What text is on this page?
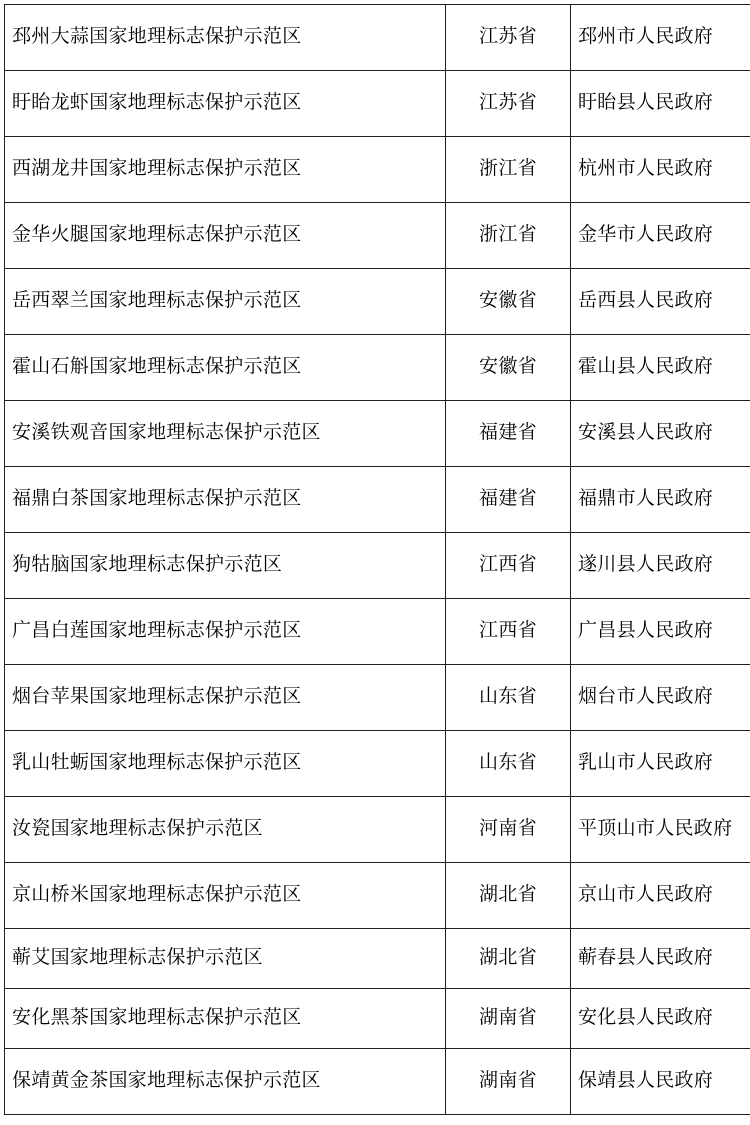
邳州大蒜国家地理标志保护示范区	江苏省	邳州市人民政府
盱眙龙虾国家地理标志保护示范区	江苏省	盱眙县人民政府
西湖龙井国家地理标志保护示范区	浙江省	杭州市人民政府
金华火腿国家地理标志保护示范区	浙江省	金华市人民政府
岳西翠兰国家地理标志保护示范区	安徽省	岳西县人民政府
霍山石斛国家地理标志保护示范区	安徽省	霍山县人民政府
安溪铁观音国家地理标志保护示范区	福建省	安溪县人民政府
福鼎白茶国家地理标志保护示范区	福建省	福鼎市人民政府
狗牯脑国家地理标志保护示范区	江西省	遂川县人民政府
广昌白莲国家地理标志保护示范区	江西省	广昌县人民政府
烟台苹果国家地理标志保护示范区	山东省	烟台市人民政府
乳山牡蛎国家地理标志保护示范区	山东省	乳山市人民政府
汝瓷国家地理标志保护示范区	河南省	平顶山市人民政府
京山桥米国家地理标志保护示范区	湖北省	京山市人民政府
蕲艾国家地理标志保护示范区	湖北省	蕲春县人民政府
安化黑茶国家地理标志保护示范区	湖南省	安化县人民政府
保靖黄金茶国家地理标志保护示范区	湖南省	保靖县人民政府
